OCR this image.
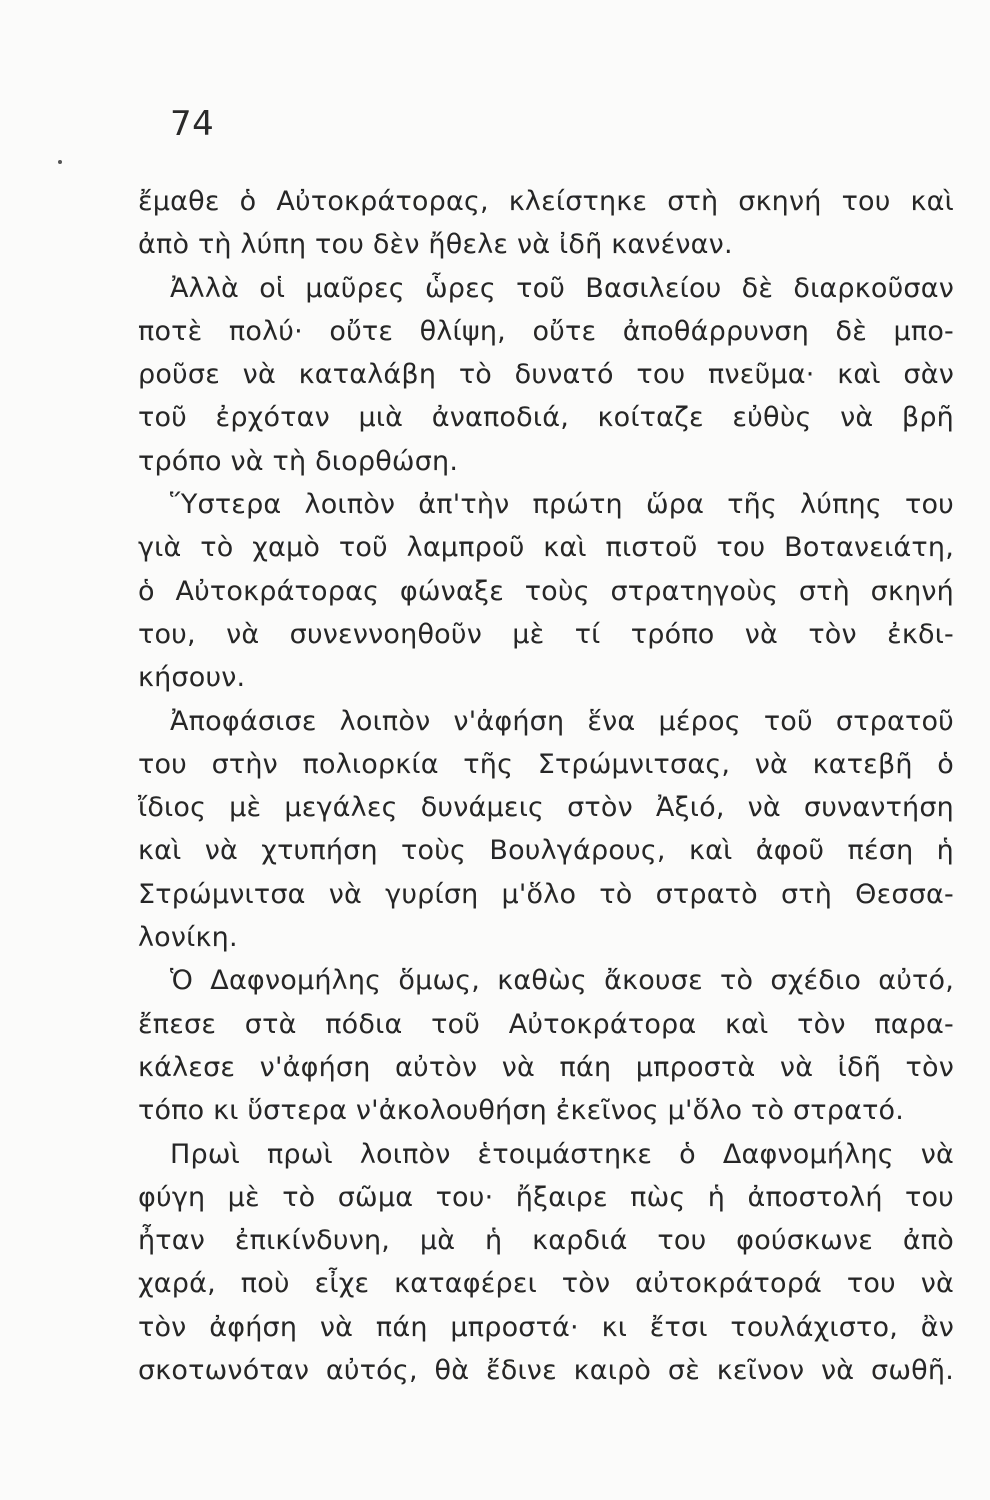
74
ἔμαθε ὁ Αὐτοκράτορας, κλείστηκε στὴ σκηνή του καὶ
ἀπὸ τὴ λύπη του δὲν ἤθελε νὰ ἰδῆ κανέναν.
Ἀλλὰ οἱ μαῦρες ὧρες τοῦ Βασιλείου δὲ διαρκοῦσαν
ποτὲ πολύ· οὔτε θλίψη, οὔτε ἀποθάρρυνση δὲ μπο-
ροῦσε νὰ καταλάβη τὸ δυνατό του πνεῦμα· καὶ σὰν
τοῦ ἐρχόταν μιὰ ἀναποδιά, κοίταζε εὐθὺς νὰ βρῆ
τρόπο νὰ τὴ διορθώση.
Ὕστερα λοιπὸν ἀπ'τὴν πρώτη ὥρα τῆς λύπης του
γιὰ τὸ χαμὸ τοῦ λαμπροῦ καὶ πιστοῦ του Βοτανειάτη,
ὁ Αὐτοκράτορας φώναξε τοὺς στρατηγοὺς στὴ σκηνή
του, νὰ συνεννοηθοῦν μὲ τί τρόπο νὰ τὸν ἐκδι-
κήσουν.
Ἀποφάσισε λοιπὸν ν'ἀφήση ἕνα μέρος τοῦ στρατοῦ
του στὴν πολιορκία τῆς Στρώμνιτσας, νὰ κατεβῆ ὁ
ἴδιος μὲ μεγάλες δυνάμεις στὸν Ἀξιό, νὰ συναντήση
καὶ νὰ χτυπήση τοὺς Βουλγάρους, καὶ ἀφοῦ πέση ἡ
Στρώμνιτσα νὰ γυρίση μ'ὅλο τὸ στρατὸ στὴ Θεσσα-
λονίκη.
Ὁ Δαφνομήλης ὅμως, καθὼς ἄκουσε τὸ σχέδιο αὐτό,
ἔπεσε στὰ πόδια τοῦ Αὐτοκράτορα καὶ τὸν παρα-
κάλεσε ν'ἀφήση αὐτὸν νὰ πάη μπροστὰ νὰ ἰδῆ τὸν
τόπο κι ὕστερα ν'ἀκολουθήση ἐκεῖνος μ'ὅλο τὸ στρατό.
Πρωὶ πρωὶ λοιπὸν ἑτοιμάστηκε ὁ Δαφνομήλης νὰ
φύγη μὲ τὸ σῶμα του· ἤξαιρε πὼς ἡ ἀποστολή του
ἦταν ἐπικίνδυνη, μὰ ἡ καρδιά του φούσκωνε ἀπὸ
χαρά, ποὺ εἶχε καταφέρει τὸν αὐτοκράτορά του νὰ
τὸν ἀφήση νὰ πάη μπροστά· κι ἔτσι τουλάχιστο, ἂν
σκοτωνόταν αὐτός, θὰ ἔδινε καιρὸ σὲ κεῖνον νὰ σωθῆ.
